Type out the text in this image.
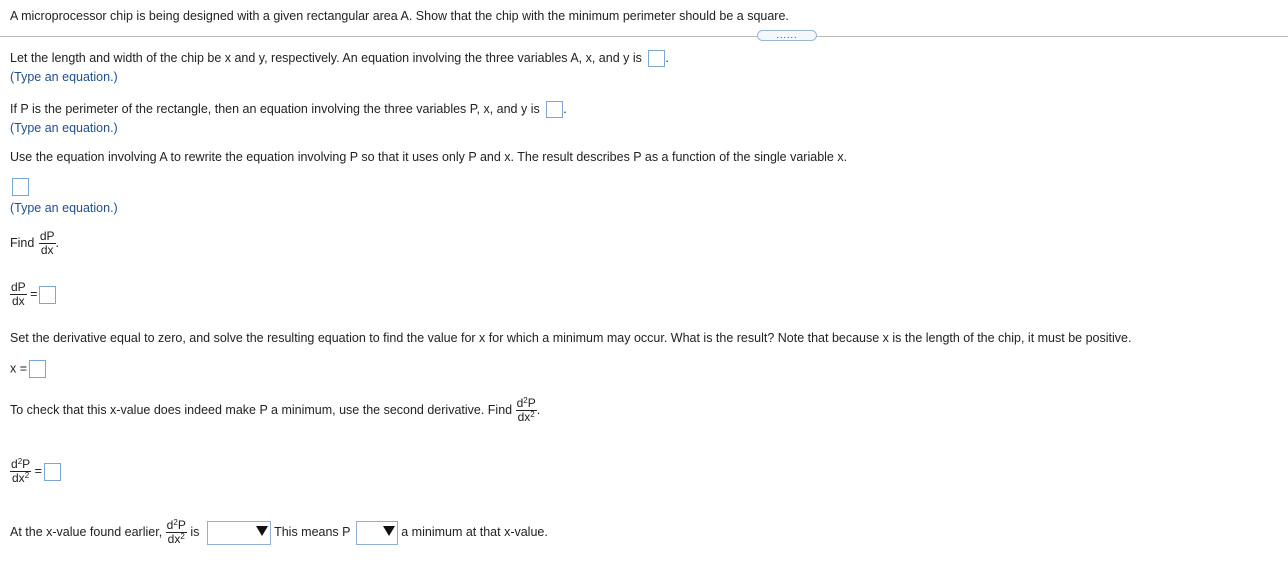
A microprocessor chip is being designed with a given rectangular area A. Show that the chip with the minimum perimeter should be a square.
......
Let the length and width of the chip be x and y, respectively. An equation involving the three variables A, x, and y is .
(Type an equation.)
If P is the perimeter of the rectangle, then an equation involving the three variables P, x, and y is .
(Type an equation.)
Use the equation involving A to rewrite the equation involving P so that it uses only P and x. The result describes P as a function of the single variable x.
(Type an equation.)
Find $\frac{dP}{dx}$ .
$\frac{dP}{dx}$ =
Set the derivative equal to zero, and solve the resulting equation to find the value for x for which a minimum may occur. What is the result? Note that because x is the length of the chip, it must be positive.
x =
To check that this x-value does indeed make P a minimum, use the second derivative. Find $\frac{d^2P}{dx^2}$ .
$\frac{d^2P}{dx^2}$ =
At the x-value found earlier, $\frac{d^2P}{dx^2}$ is	This means P	a minimum at that x-value.
